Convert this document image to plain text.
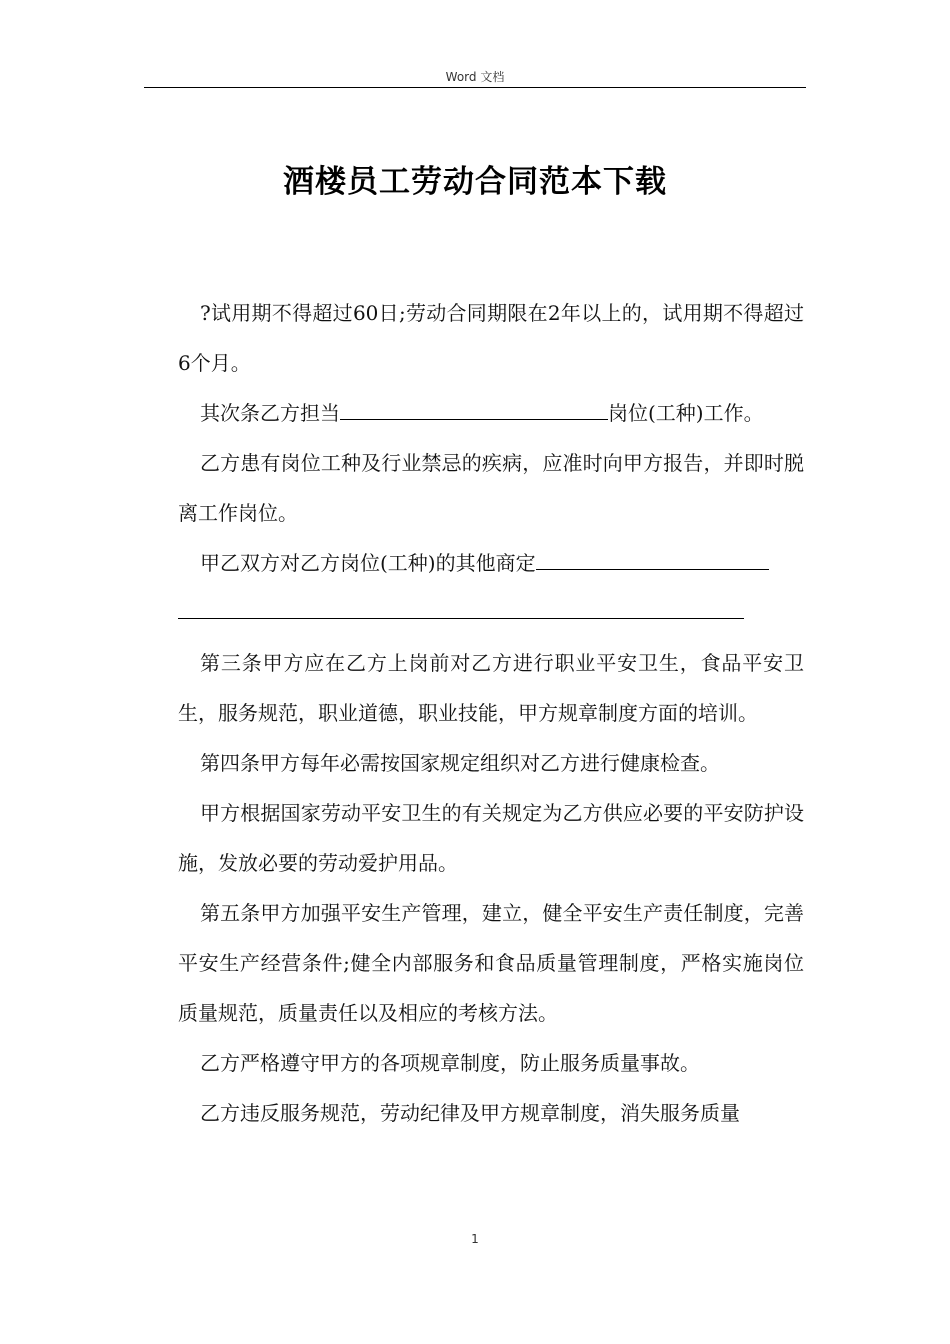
Word 文档
酒楼员工劳动合同范本下载

?试用期不得超过60日;劳动合同期限在2年以上的，试用期不得超过6个月。

其次条乙方担当	岗位(工种)工作。

乙方患有岗位工种及行业禁忌的疾病，应准时向甲方报告，并即时脱离工作岗位。

甲乙双方对乙方岗位(工种)的其他商定

第三条甲方应在乙方上岗前对乙方进行职业平安卫生，食品平安卫生，服务规范，职业道德，职业技能，甲方规章制度方面的培训。

第四条甲方每年必需按国家规定组织对乙方进行健康检查。

甲方根据国家劳动平安卫生的有关规定为乙方供应必要的平安防护设施，发放必要的劳动爱护用品。

第五条甲方加强平安生产管理，建立，健全平安生产责任制度，完善平安生产经营条件;健全内部服务和食品质量管理制度，严格实施岗位质量规范，质量责任以及相应的考核方法。

乙方严格遵守甲方的各项规章制度，防止服务质量事故。

乙方违反服务规范，劳动纪律及甲方规章制度，消失服务质量

1
